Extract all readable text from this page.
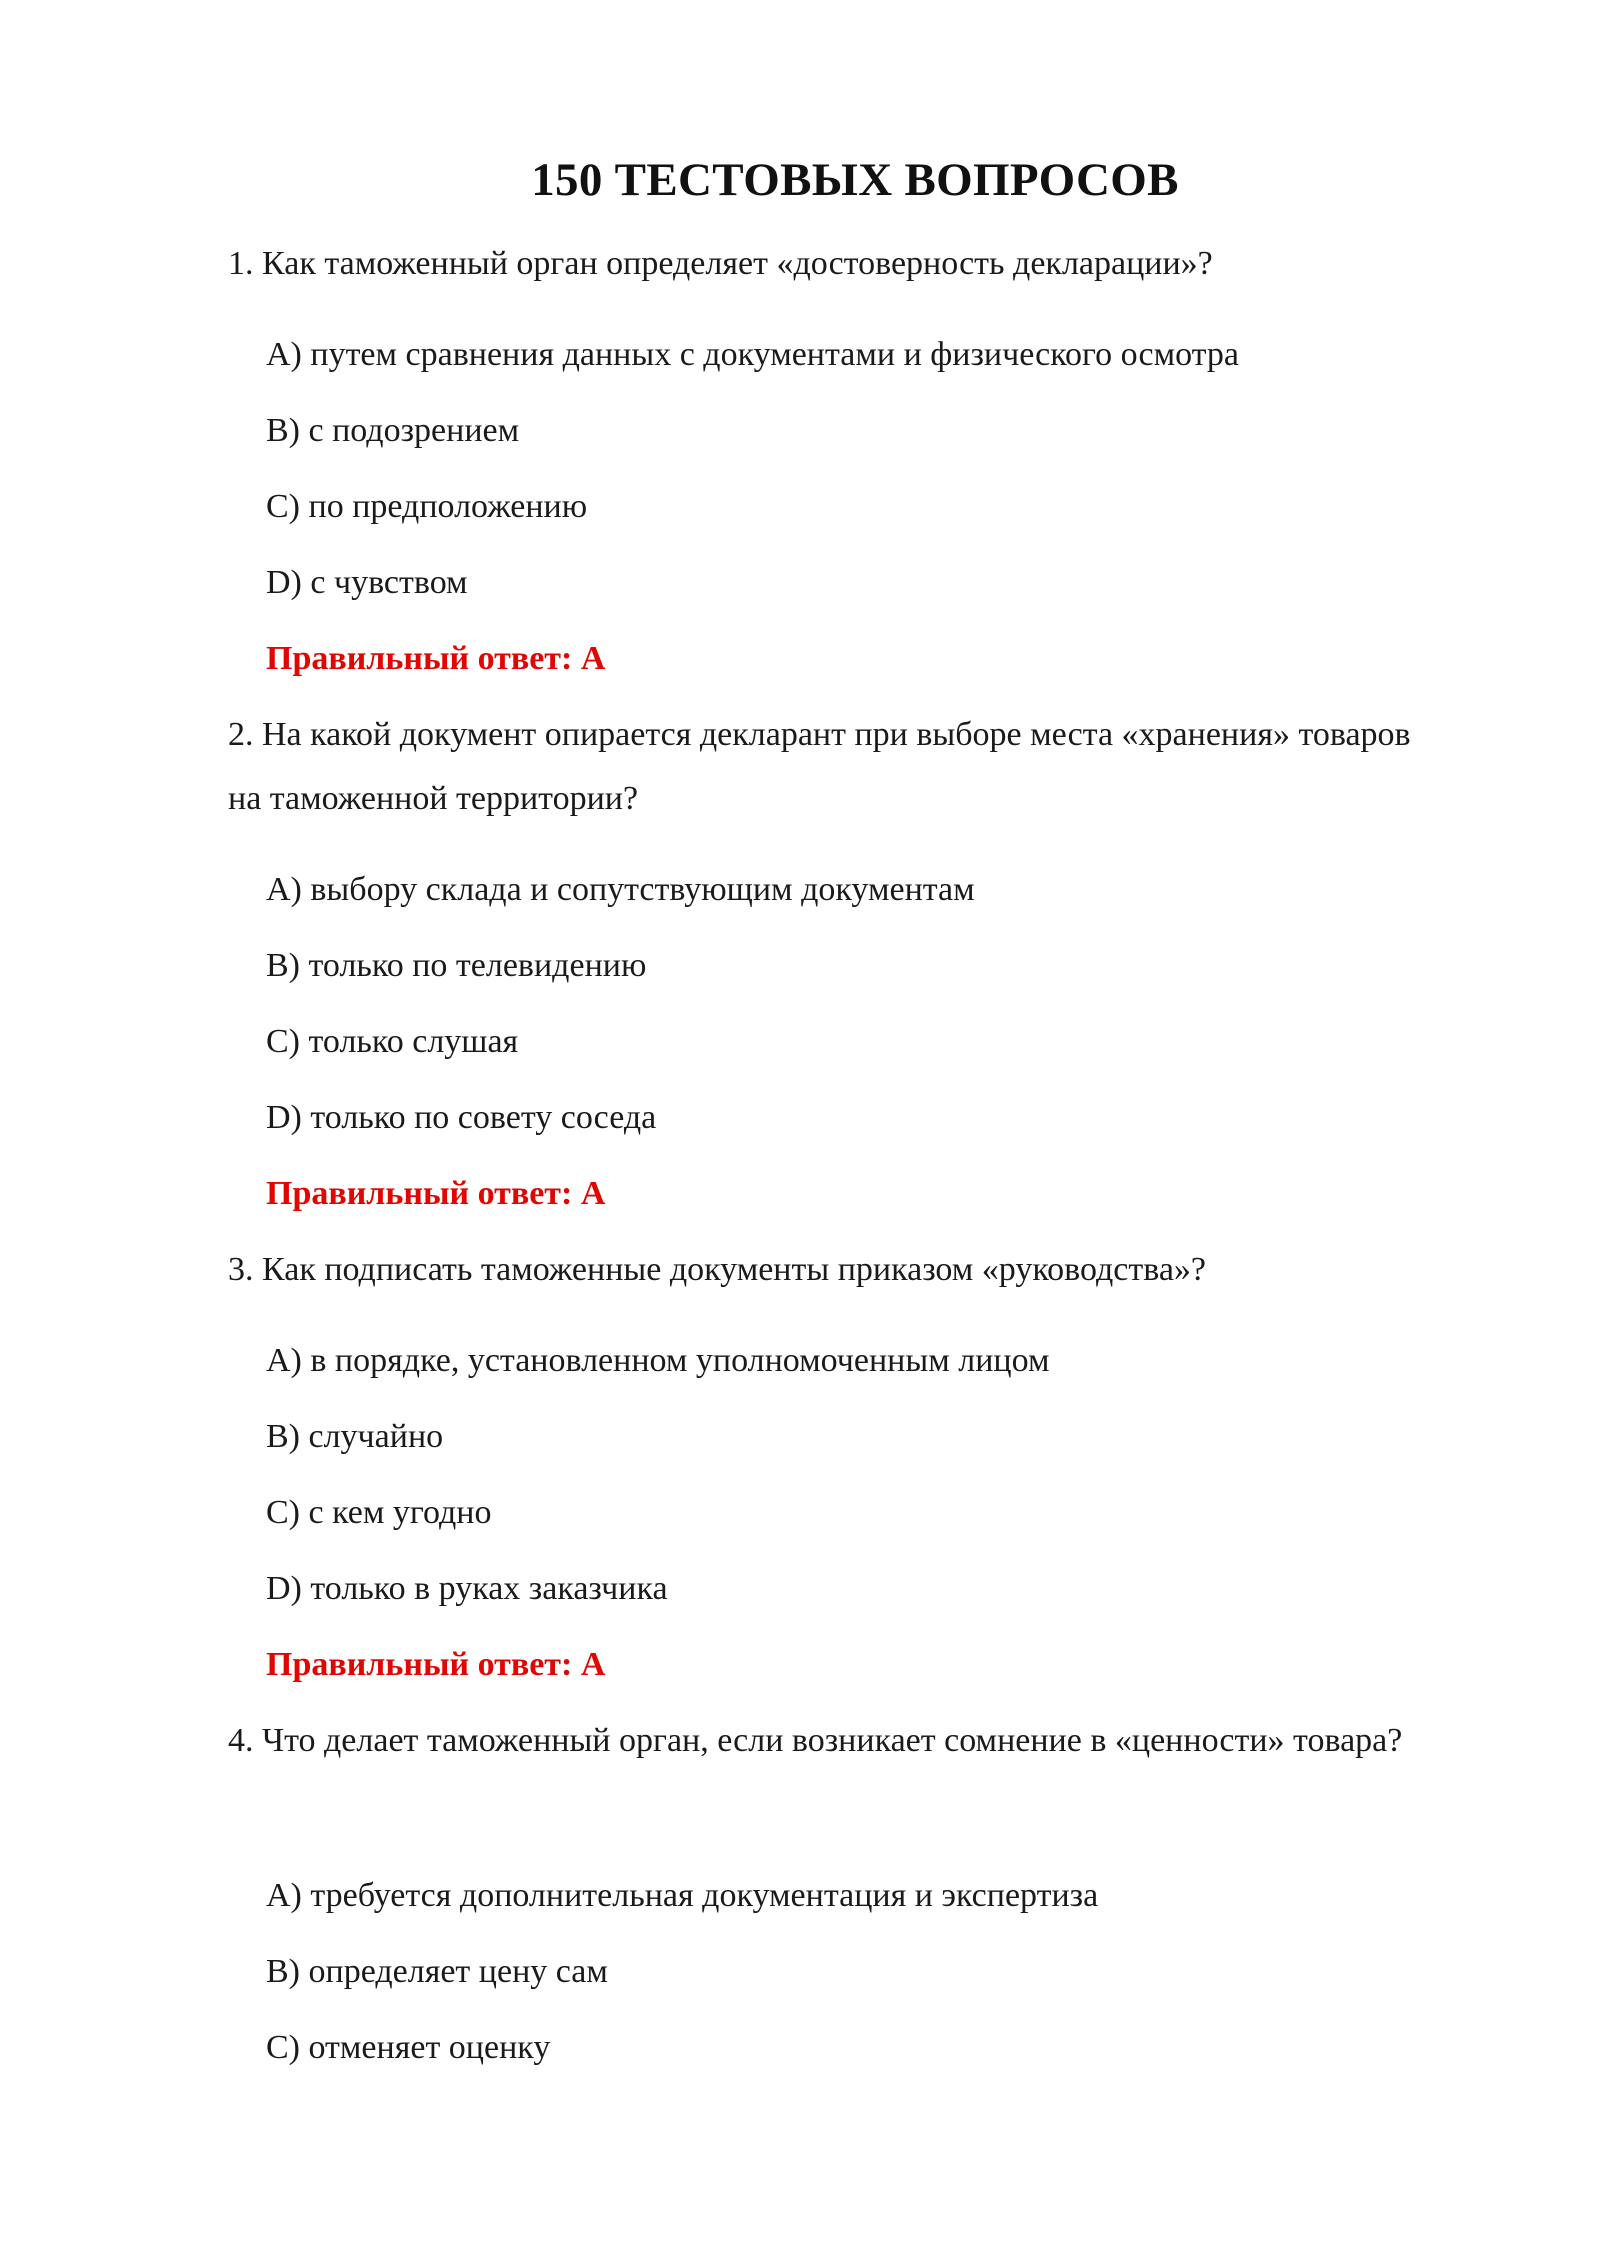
150 ТЕСТОВЫХ ВОПРОСОВ
1. Как таможенный орган определяет «достоверность декларации»?
A) путем сравнения данных с документами и физического осмотра
B) с подозрением
C) по предположению
D) с чувством
Правильный ответ: A
2. На какой документ опирается декларант при выборе места «хранения» товаров на таможенной территории?
A) выбору склада и сопутствующим документам
B) только по телевидению
C) только слушая
D) только по совету соседа
Правильный ответ: A
3. Как подписать таможенные документы приказом «руководства»?
A) в порядке, установленном уполномоченным лицом
B) случайно
C) с кем угодно
D) только в руках заказчика
Правильный ответ: A
4. Что делает таможенный орган, если возникает сомнение в «ценности» товара?
A) требуется дополнительная документация и экспертиза
B) определяет цену сам
C) отменяет оценку
